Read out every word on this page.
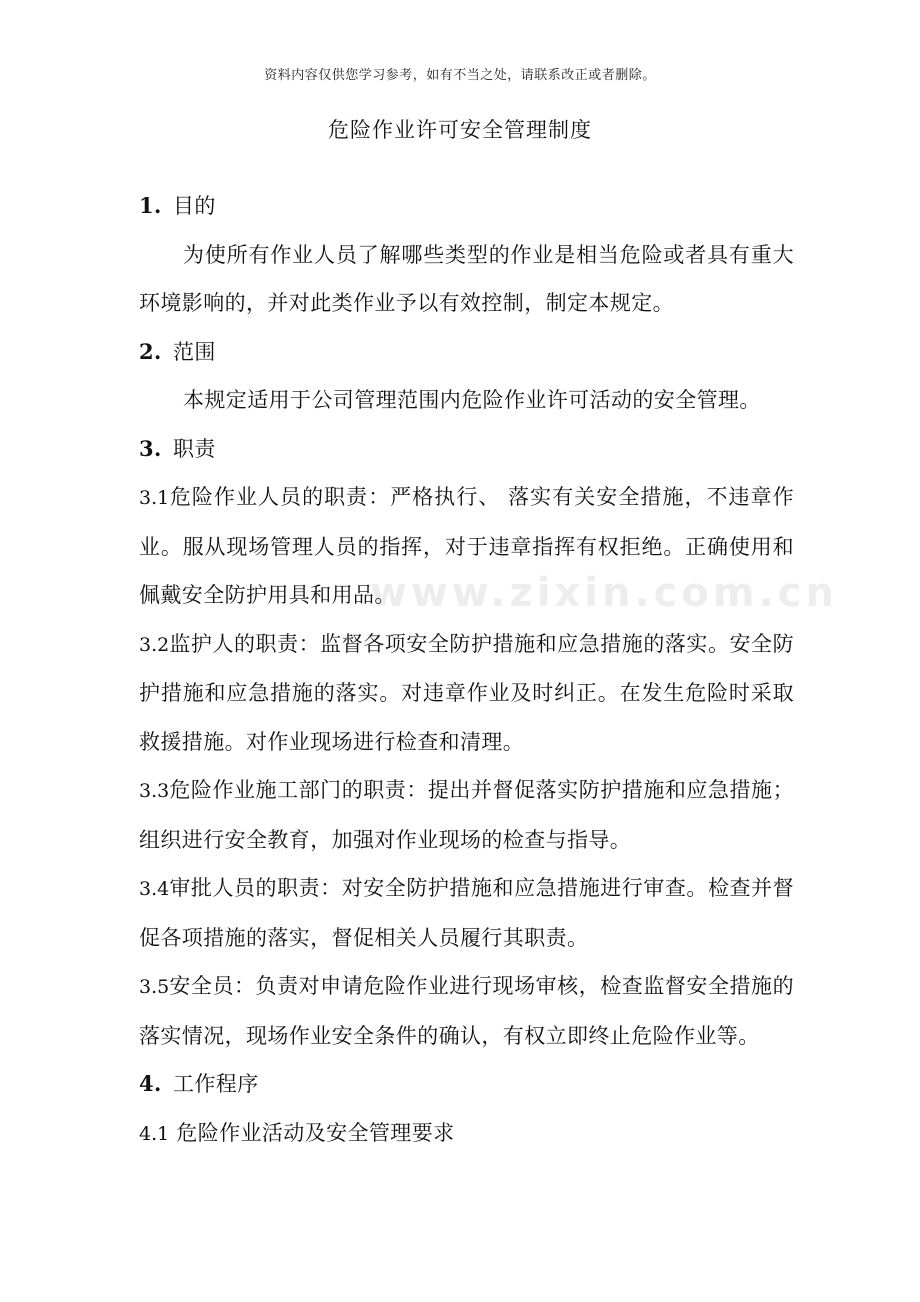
资料内容仅供您学习参考，如有不当之处，请联系改正或者删除。
危险作业许可安全管理制度
www.zixin.com.cn

1. 目的

为使所有作业人员了解哪些类型的作业是相当危险或者具有重大环境影响的，并对此类作业予以有效控制，制定本规定。

2. 范围

本规定适用于公司管理范围内危险作业许可活动的安全管理。

3. 职责

3.1危险作业人员的职责：严格执行、 落实有关安全措施，不违章作业。服从现场管理人员的指挥，对于违章指挥有权拒绝。正确使用和佩戴安全防护用具和用品。

3.2监护人的职责：监督各项安全防护措施和应急措施的落实。安全防护措施和应急措施的落实。对违章作业及时纠正。在发生危险时采取救援措施。对作业现场进行检查和清理。

3.3危险作业施工部门的职责：提出并督促落实防护措施和应急措施；组织进行安全教育，加强对作业现场的检查与指导。

3.4审批人员的职责：对安全防护措施和应急措施进行审查。检查并督促各项措施的落实，督促相关人员履行其职责。

3.5安全员：负责对申请危险作业进行现场审核，检查监督安全措施的落实情况，现场作业安全条件的确认，有权立即终止危险作业等。

4. 工作程序

4.1 危险作业活动及安全管理要求
